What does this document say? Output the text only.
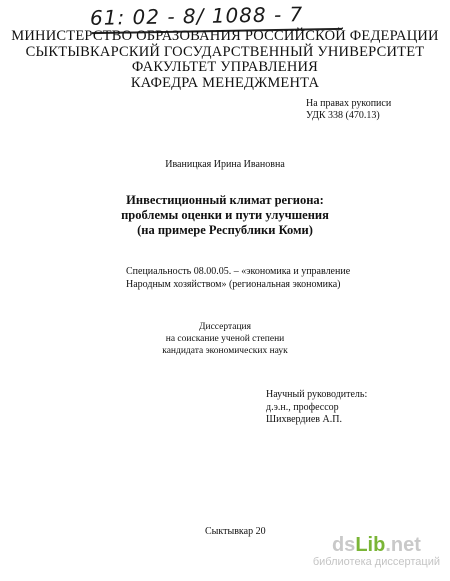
61: 02 - 8/ 1088 - 7
МИНИСТЕРСТВО ОБРАЗОВАНИЯ РОССИЙСКОЙ ФЕДЕРАЦИИ
СЫКТЫВКАРСКИЙ ГОСУДАРСТВЕННЫЙ УНИВЕРСИТЕТ
ФАКУЛЬТЕТ УПРАВЛЕНИЯ
КАФЕДРА МЕНЕДЖМЕНТА
На правах рукописи
УДК 338 (470.13)
Иваницкая Ирина Ивановна
Инвестиционный климат региона:
проблемы оценки и пути улучшения
(на примере Республики Коми)
Специальность 08.00.05. – «экономика и управление
Народным хозяйством» (региональная экономика)
Диссертация
на соискание ученой степени
кандидата экономических наук
Научный руководитель:
д.э.н., профессор
Шихвердиев А.П.
Сыктывкар 20
dsLib.net
библиотека диссертаций
